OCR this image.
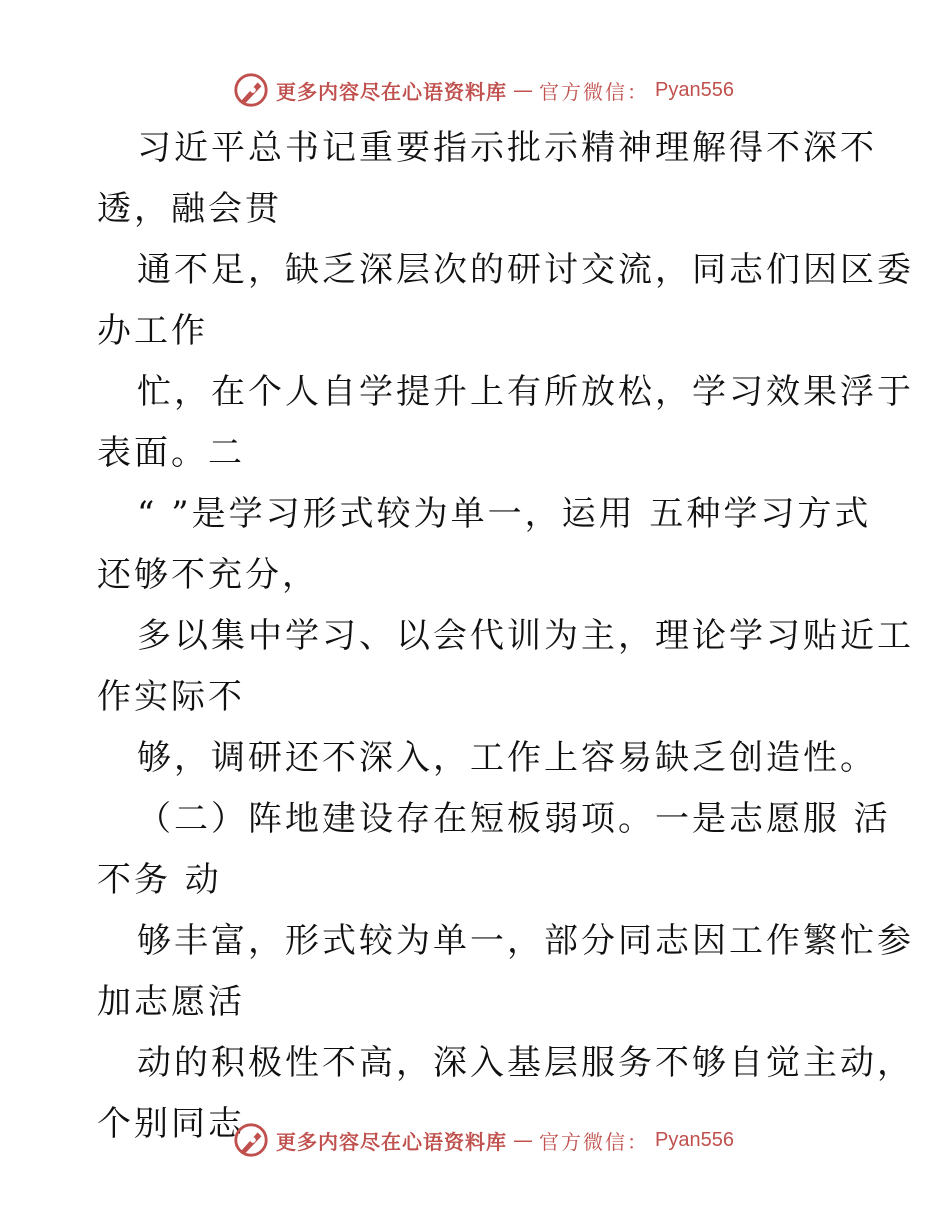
更多内容尽在心语资料库 — 官方微信： Pyan556
习近平总书记重要指示批示精神理解得不深不
透，融会贯
通不足，缺乏深层次的研讨交流，同志们因区委
办工作
忙，在个人自学提升上有所放松，学习效果浮于
表面。二
“ ”是学习形式较为单一，运用 五种学习方式
还够不充分，
多以集中学习、以会代训为主，理论学习贴近工
作实际不
够，调研还不深入，工作上容易缺乏创造性。
（二）阵地建设存在短板弱项。一是志愿服 活
不务 动
够丰富，形式较为单一，部分同志因工作繁忙参
加志愿活
动的积极性不高，深入基层服务不够自觉主动，
个别同志	更多内容尽在心语资料库 — 官方微信： Pyan556
